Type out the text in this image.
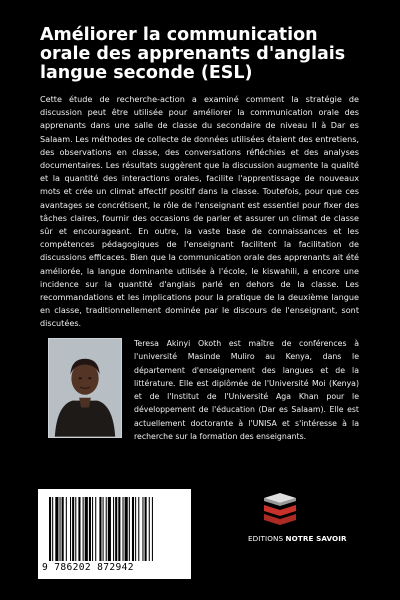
Améliorer la communication orale des apprenants d'anglais langue seconde (ESL)

Cette étude de recherche-action a examiné comment la stratégie de discussion peut être utilisée pour améliorer la communication orale des apprenants dans une salle de classe du secondaire de niveau II à Dar es Salaam. Les méthodes de collecte de données utilisées étaient des entretiens, des observations en classe, des conversations réfléchies et des analyses documentaires. Les résultats suggèrent que la discussion augmente la qualité et la quantité des interactions orales, facilite l'apprentissage de nouveaux mots et crée un climat affectif positif dans la classe. Toutefois, pour que ces avantages se concrétisent, le rôle de l'enseignant est essentiel pour fixer des tâches claires, fournir des occasions de parler et assurer un climat de classe sûr et encourageant. En outre, la vaste base de connaissances et les compétences pédagogiques de l'enseignant facilitent la facilitation de discussions efficaces. Bien que la communication orale des apprenants ait été améliorée, la langue dominante utilisée à l'école, le kiswahili, a encore une incidence sur la quantité d'anglais parlé en dehors de la classe. Les recommandations et les implications pour la pratique de la deuxième langue en classe, traditionnellement dominée par le discours de l'enseignant, sont discutées.

Teresa Akinyi Okoth est maître de conférences à l'université Masinde Muliro au Kenya, dans le département d'enseignement des langues et de la littérature. Elle est diplômée de l'Université Moi (Kenya) et de l'Institut de l'Université Aga Khan pour le développement de l'éducation (Dar es Salaam). Elle est actuellement doctorante à l'UNISA et s'intéresse à la recherche sur la formation des enseignants.

9 786202 872942
EDITIONS NOTRE SAVOIR
